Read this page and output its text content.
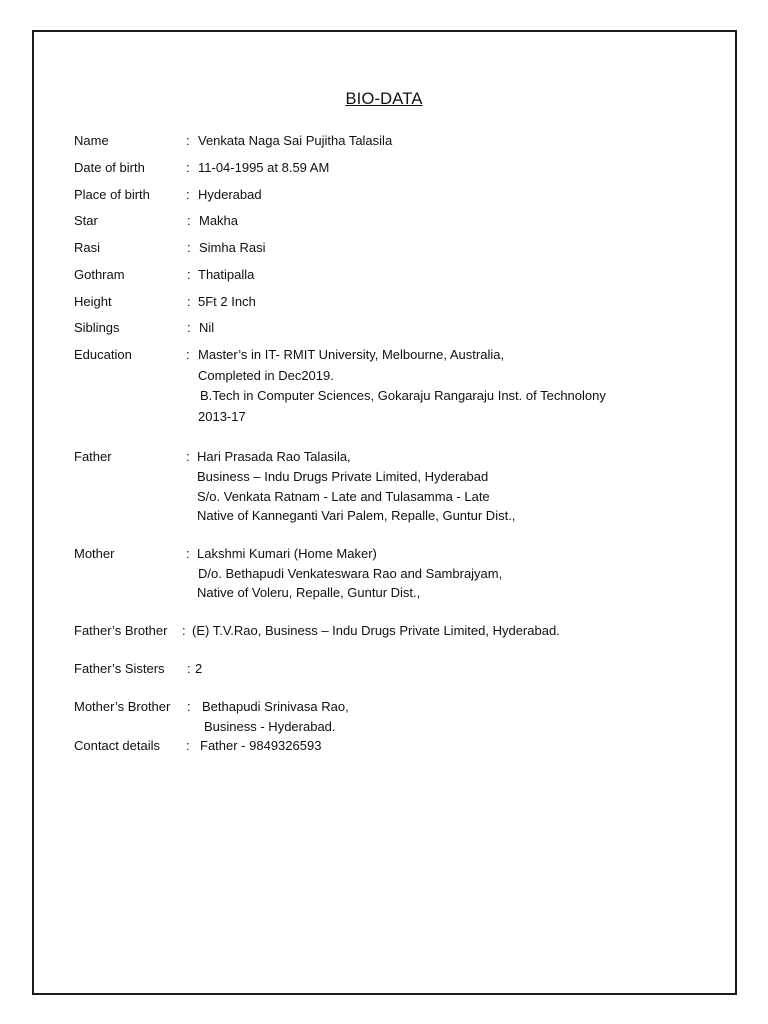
BIO-DATA
Name	: Venkata Naga Sai Pujitha Talasila
Date of birth	: 11-04-1995 at 8.59 AM
Place of birth	: Hyderabad
Star	: Makha
Rasi	: Simha Rasi
Gothram	: Thatipalla
Height	: 5Ft 2 Inch
Siblings	: Nil
Education	: Master’s in IT- RMIT University, Melbourne, Australia,
Completed in Dec2019.
B.Tech in Computer Sciences, Gokaraju Rangaraju Inst. of Technolony
2013-17
Father	: Hari Prasada Rao Talasila,
Business – Indu Drugs Private Limited, Hyderabad
S/o. Venkata Ratnam - Late and Tulasamma - Late
Native of Kanneganti Vari Palem, Repalle, Guntur Dist.,
Mother	: Lakshmi Kumari (Home Maker)
D/o. Bethapudi Venkateswara Rao and Sambrajyam,
Native of Voleru, Repalle, Guntur Dist.,
Father’s Brother : (E) T.V.Rao, Business – Indu Drugs Private Limited, Hyderabad.
Father’s Sisters : 2
Mother’s Brother : Bethapudi Srinivasa Rao,
Business - Hyderabad.
Contact details : Father - 9849326593
